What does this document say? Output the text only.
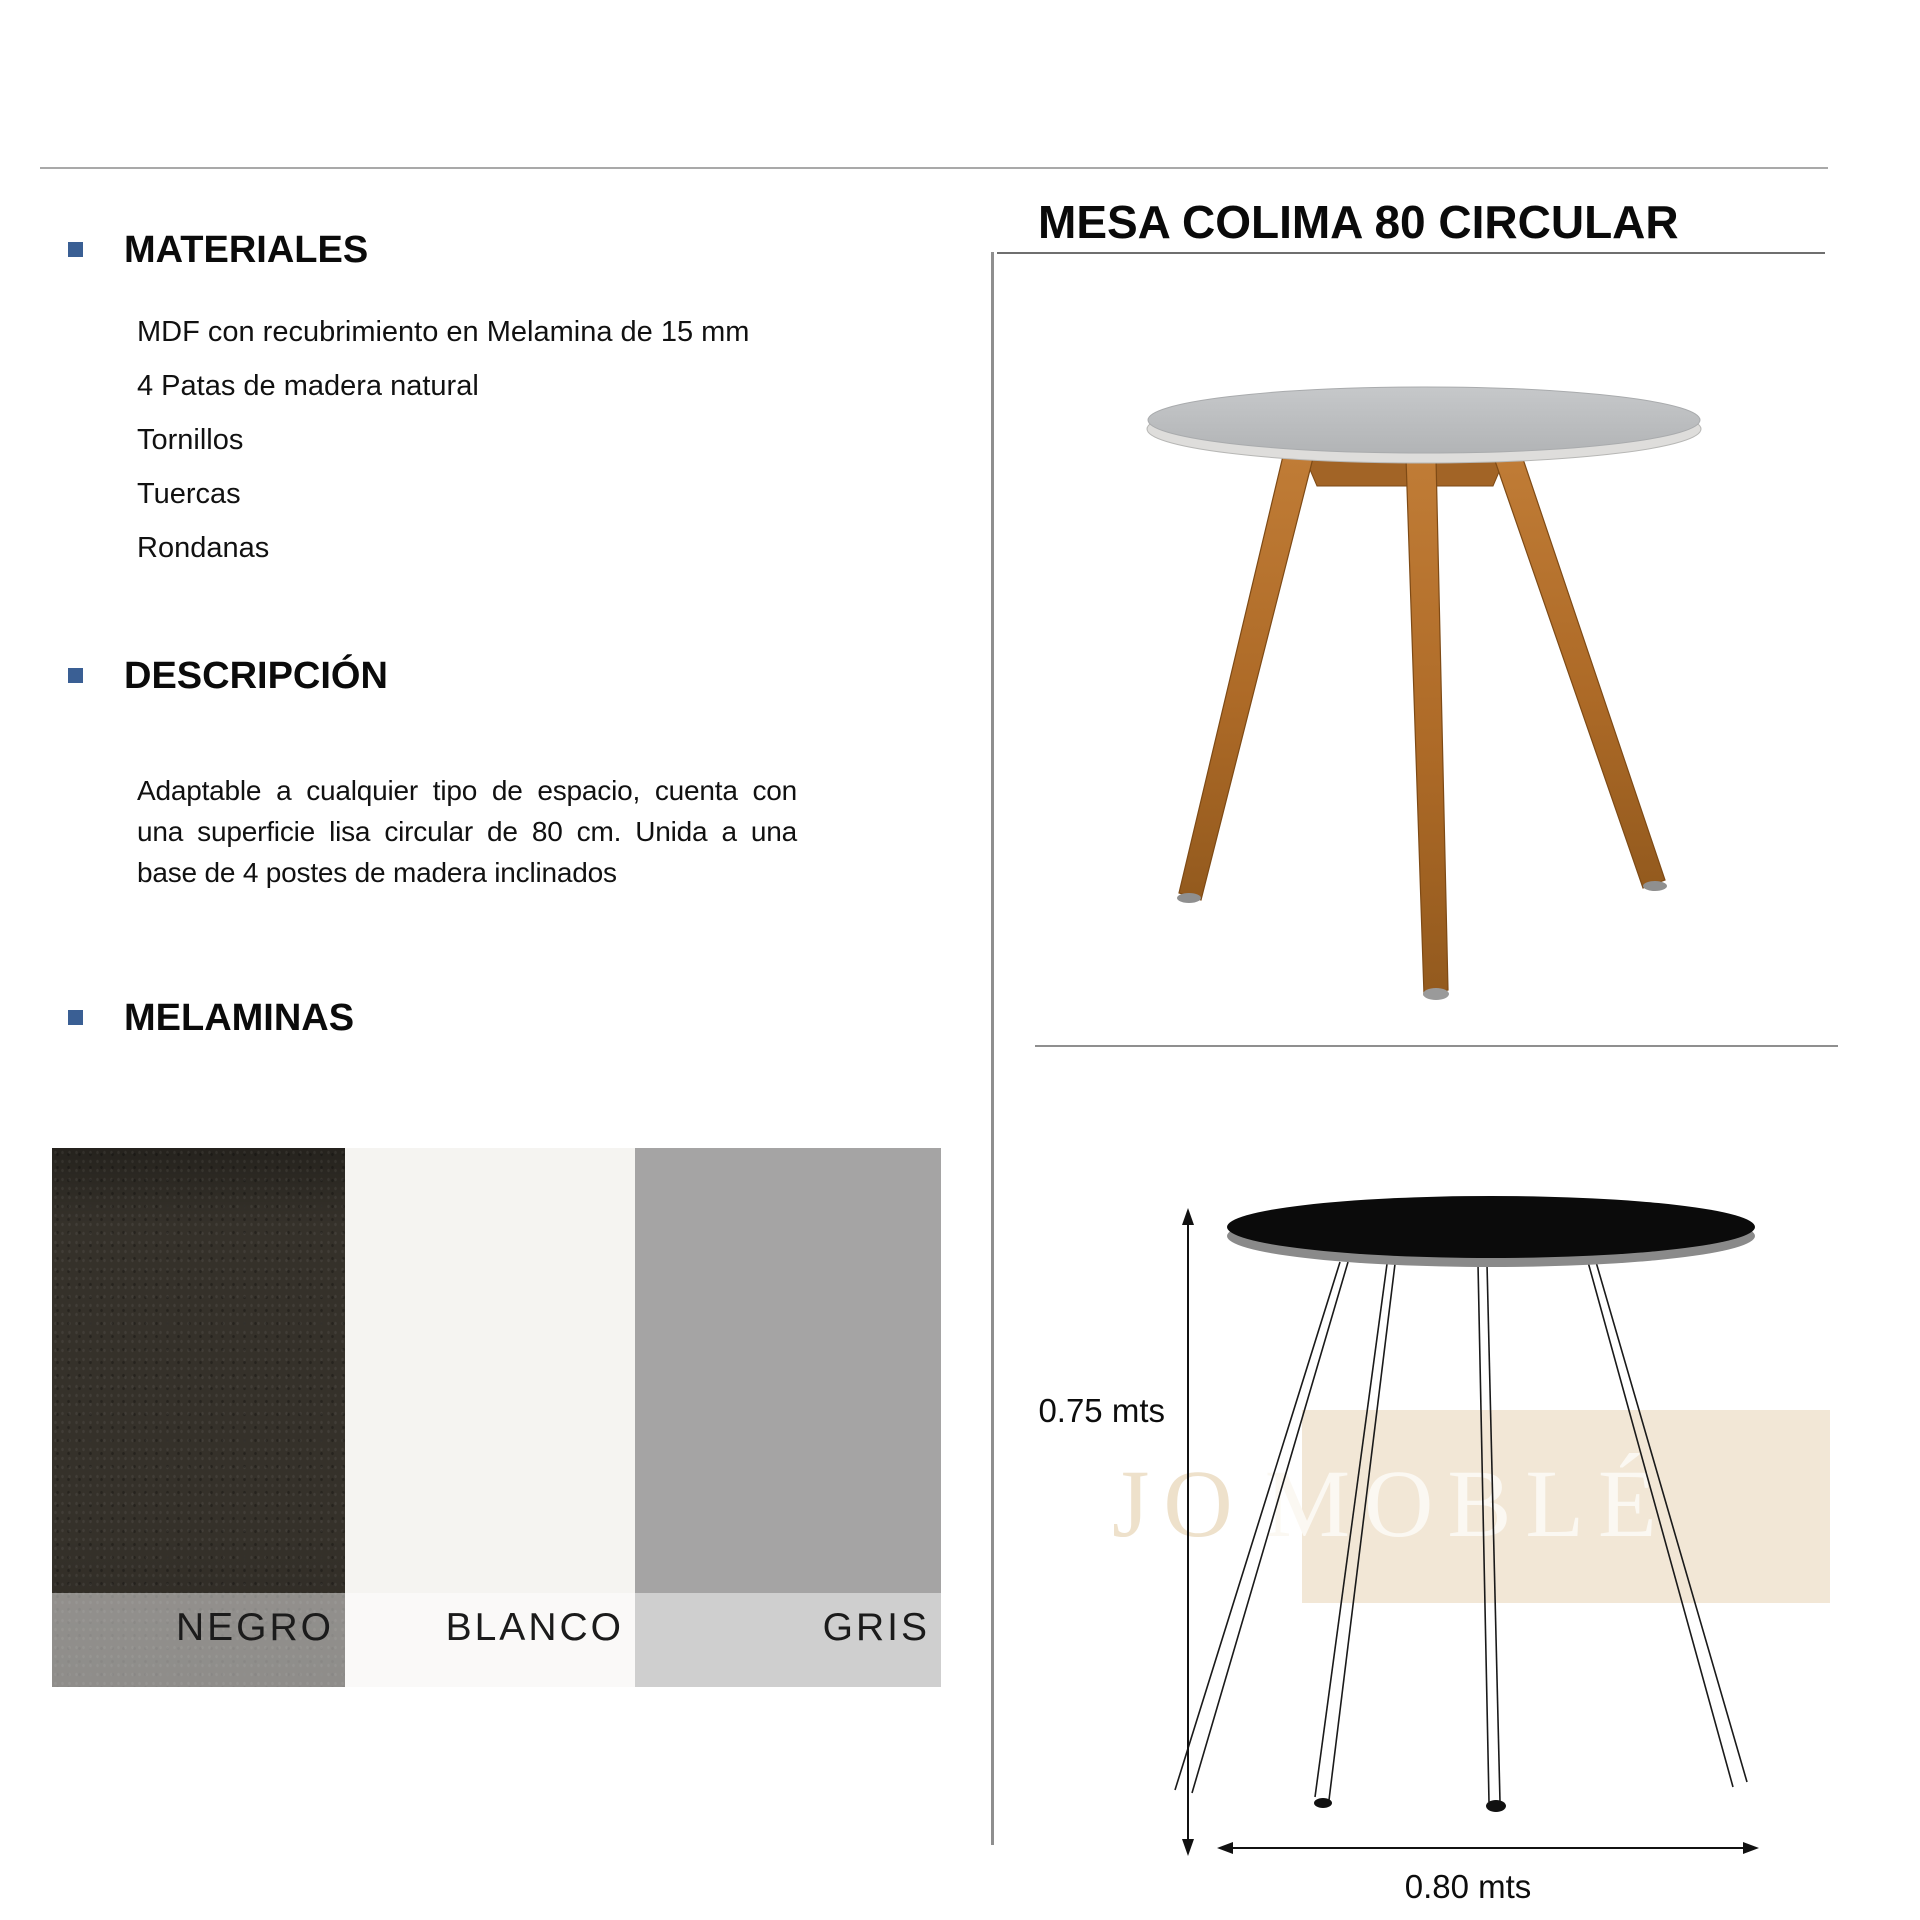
MATERIALES
MDF con recubrimiento en Melamina de 15 mm
4 Patas de madera natural
Tornillos
Tuercas
Rondanas
DESCRIPCIÓN
Adaptable a cualquier tipo de espacio, cuenta con
una superficie lisa circular de 80 cm. Unida a una
base de 4 postes de madera inclinados
MELAMINAS
NEGRO	BLANCO	GRIS
MESA COLIMA 80 CIRCULAR
JO MOBLÉ
0.75 mts
0.80 mts
